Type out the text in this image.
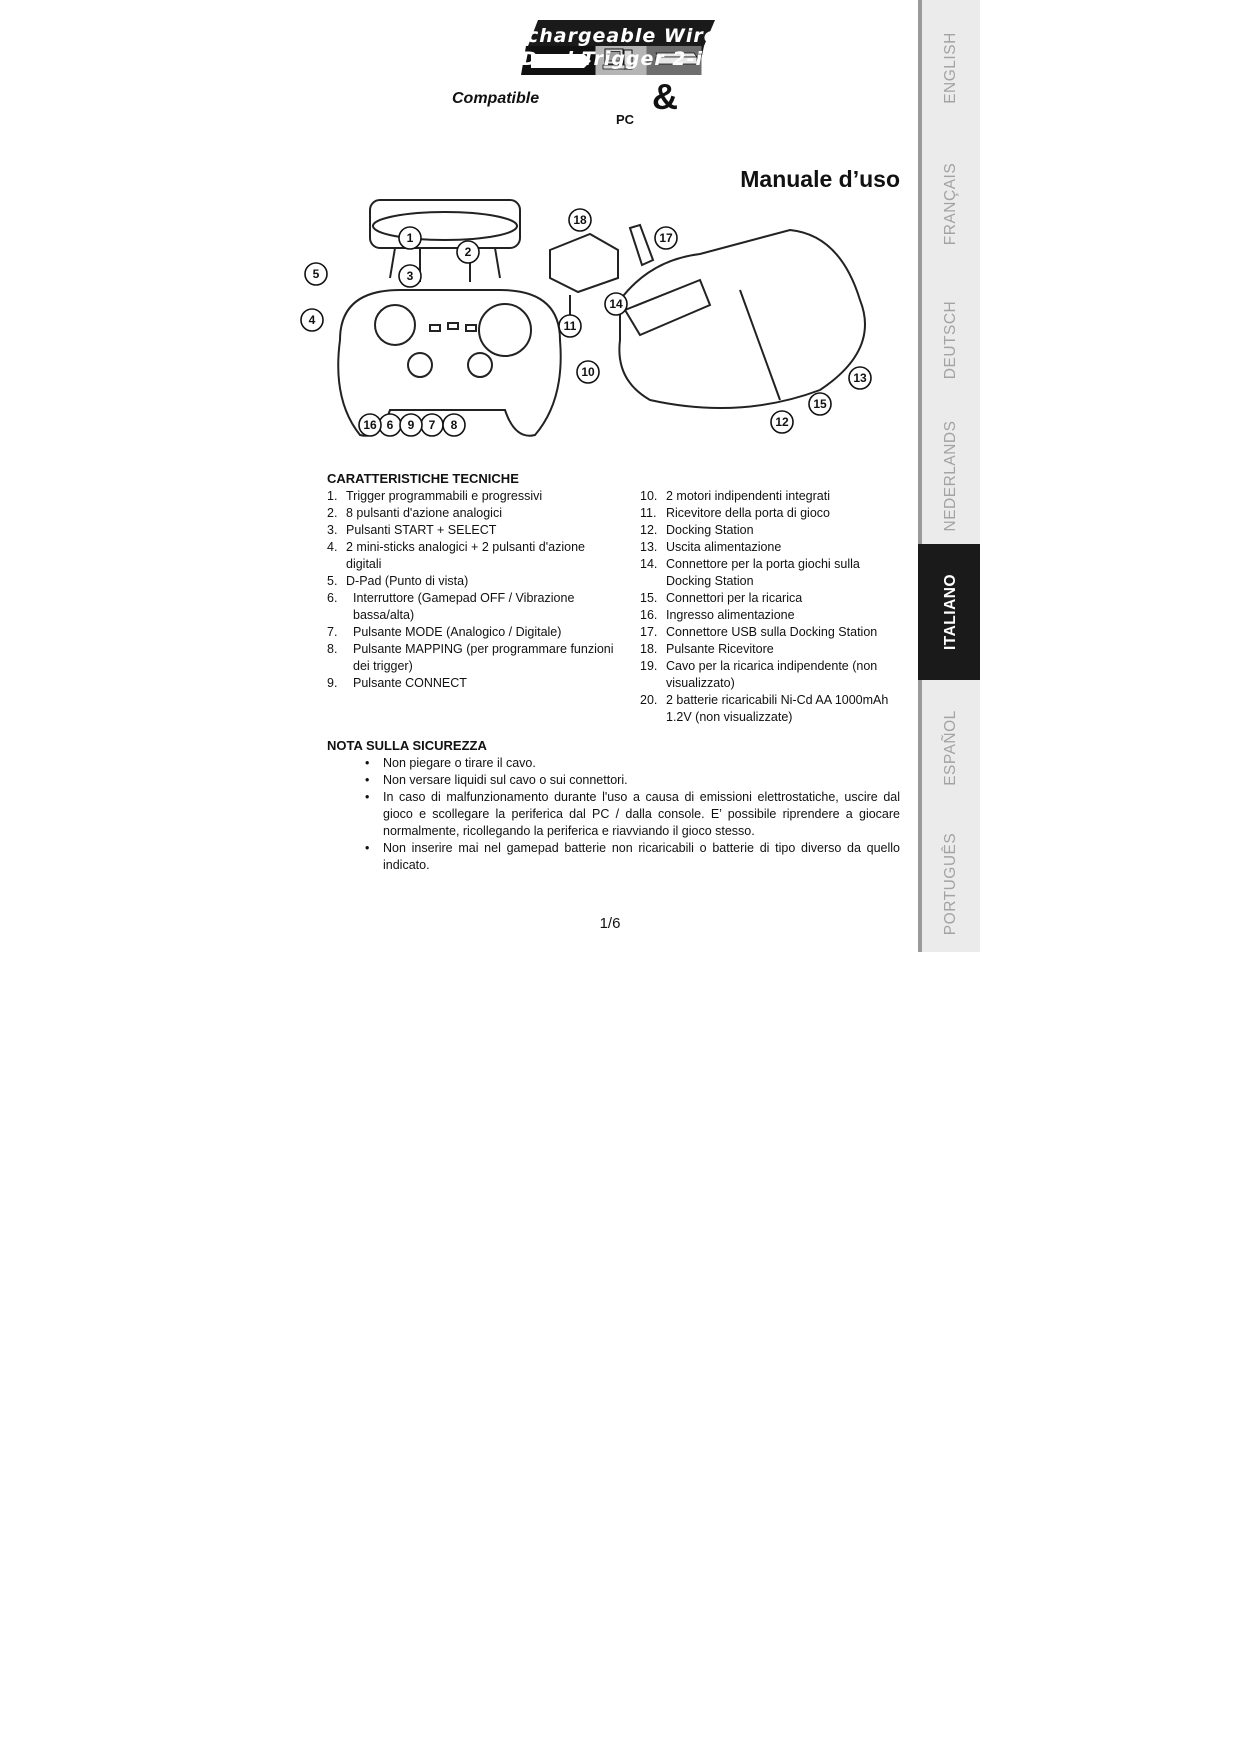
Rechargeable Wireless
Dual Trigger 2-in-1
Compatible	&
PC	Playstation® 2
Manuale d’uso
1
2
3
4
5
6	7 8
9
10
11
12
13
14
15
16
17
18
CARATTERISTICHE TECNICHE
1. Trigger programmabili e progressivi
2. 8 pulsanti d'azione analogici
3. Pulsanti START + SELECT
4. 2 mini-sticks analogici + 2 pulsanti d'azione digitali
5. D-Pad (Punto di vista)
6.	Interruttore (Gamepad OFF / Vibrazione bassa/alta)
7.	Pulsante MODE (Analogico / Digitale)
8.	Pulsante MAPPING (per programmare funzioni dei trigger)
9.	Pulsante CONNECT
10. 2 motori indipendenti integrati
11. Ricevitore della porta di gioco
12. Docking Station
13. Uscita alimentazione
14. Connettore per la porta giochi sulla Docking Station
15. Connettori per la ricarica
16. Ingresso alimentazione
17. Connettore USB sulla Docking Station
18. Pulsante Ricevitore
19. Cavo per la ricarica indipendente (non visualizzato)
20. 2 batterie ricaricabili Ni-Cd AA 1000mAh 1.2V (non visualizzate)
NOTA SULLA SICUREZZA
• Non piegare o tirare il cavo.
• Non versare liquidi sul cavo o sui connettori.
• In caso di malfunzionamento durante l'uso a causa di emissioni elettrostatiche, uscire dal gioco e scollegare la periferica dal PC / dalla console. E’ possibile riprendere a giocare normalmente, ricollegando la periferica e riavviando il gioco stesso.
• Non inserire mai nel gamepad batterie non ricaricabili o batterie di tipo diverso da quello indicato.
1/6
ENGLISH
FRANÇAIS
DEUTSCH
NEDERLANDS
ITALIANO
ESPAÑOL
PORTUGUÊS
